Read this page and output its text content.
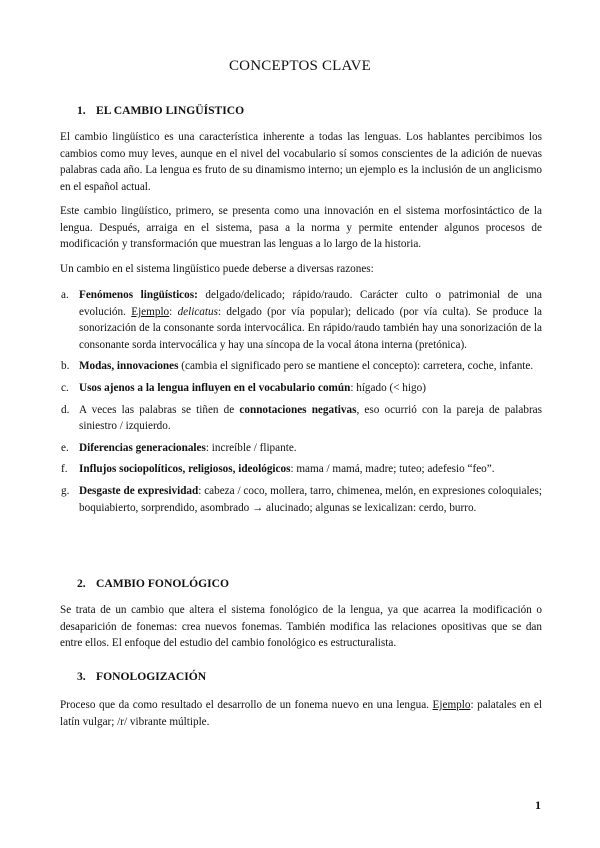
CONCEPTOS CLAVE
1. EL CAMBIO LINGÜÍSTICO

El cambio lingüístico es una característica inherente a todas las lenguas. Los hablantes percibimos los cambios como muy leves, aunque en el nivel del vocabulario sí somos conscientes de la adición de nuevas palabras cada año. La lengua es fruto de su dinamismo interno; un ejemplo es la inclusión de un anglicismo en el español actual.

Este cambio lingüístico, primero, se presenta como una innovación en el sistema morfosintáctico de la lengua. Después, arraiga en el sistema, pasa a la norma y permite entender algunos procesos de modificación y transformación que muestran las lenguas a lo largo de la historia.

Un cambio en el sistema lingüístico puede deberse a diversas razones:

a. Fenómenos lingüísticos: delgado/delicado; rápido/raudo. Carácter culto o patrimonial de una evolución. Ejemplo: delicatus: delgado (por vía popular); delicado (por vía culta). Se produce la sonorización de la consonante sorda intervocálica. En rápido/raudo también hay una sonorización de la consonante sorda intervocálica y hay una síncopa de la vocal átona interna (pretónica).
b. Modas, innovaciones (cambia el significado pero se mantiene el concepto): carretera, coche, infante.
c. Usos ajenos a la lengua influyen en el vocabulario común: hígado (< higo)
d. A veces las palabras se tiñen de connotaciones negativas, eso ocurrió con la pareja de palabras siniestro / izquierdo.
e. Diferencias generacionales: increíble / flipante.
f. Influjos sociopolíticos, religiosos, ideológicos: mama / mamá, madre; tuteo; adefesio “feo”.
g. Desgaste de expresividad: cabeza / coco, mollera, tarro, chimenea, melón, en expresiones coloquiales; boquiabierto, sorprendido, asombrado → alucinado; algunas se lexicalizan: cerdo, burro.
2. CAMBIO FONOLÓGICO

Se trata de un cambio que altera el sistema fonológico de la lengua, ya que acarrea la modificación o desaparición de fonemas: crea nuevos fonemas. También modifica las relaciones opositivas que se dan entre ellos. El enfoque del estudio del cambio fonológico es estructuralista.

3. FONOLOGIZACIÓN

Proceso que da como resultado el desarrollo de un fonema nuevo en una lengua. Ejemplo: palatales en el latín vulgar; /r/ vibrante múltiple.

1
